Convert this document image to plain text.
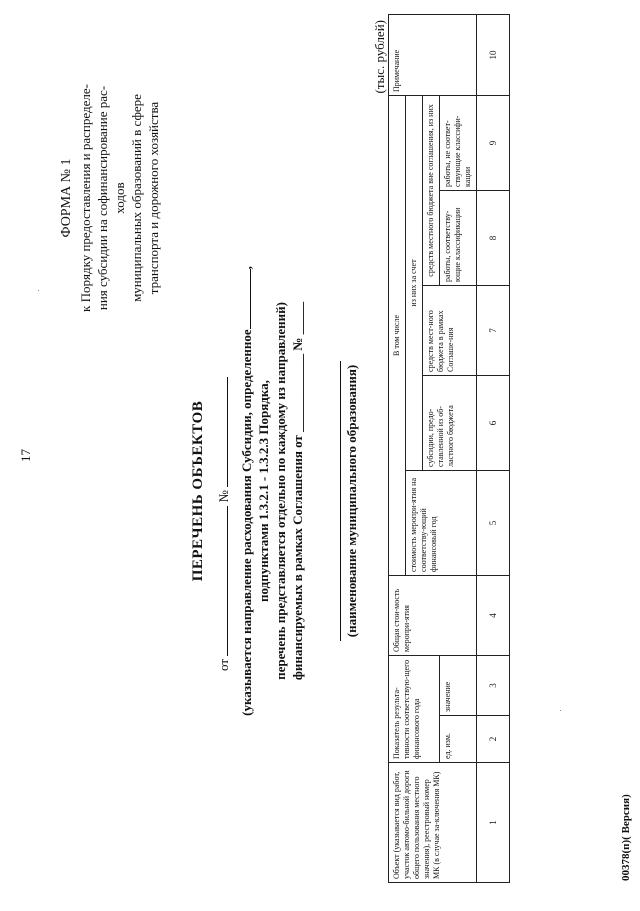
17
ФОРМА № 1 к Порядку предоставления и распределе- ния субсидии на софинансирование рас- ходов муниципальных образований в сфере транспорта и дорожного хозяйства
ПЕРЕЧЕНЬ ОБЪЕКТОВ
от  № (указывается направление расходования Субсидии, определенное,
подпунктами 1.3.2.1 - 1.3.2.3 Порядка, перечень представляется отдельно по каждому из направлений) финансируемых в рамках Соглашения от ____________ № _____	(наименование муниципального образования)
(тыс. рублей)
Объект (указывается вид работ, участок автомо-бильной дороги общего пользования местного значения), реестровый номер МК (в случае за-ключения МК)	Показатель результа-тивности соответствую-щего финансового года		Общая стои-мость меропри-ятия	В том числе					Примечание
				стоимость меропри-ятия на соответству-ющий финансовый год	из них за счет				
					субсидии, предо-ставленной из об-ластного бюджета	средств мест-ного бюджета в рамках Соглаше-ния	средств местного бюджета вне соглашения, из них		
	ед. изм.	значение					работы, соответству-ющие классификации	работы, не соответ-ствующие классифи-кации	
1	2	3	4	5	6	7	8	9	10
00378(п)( Версия)
